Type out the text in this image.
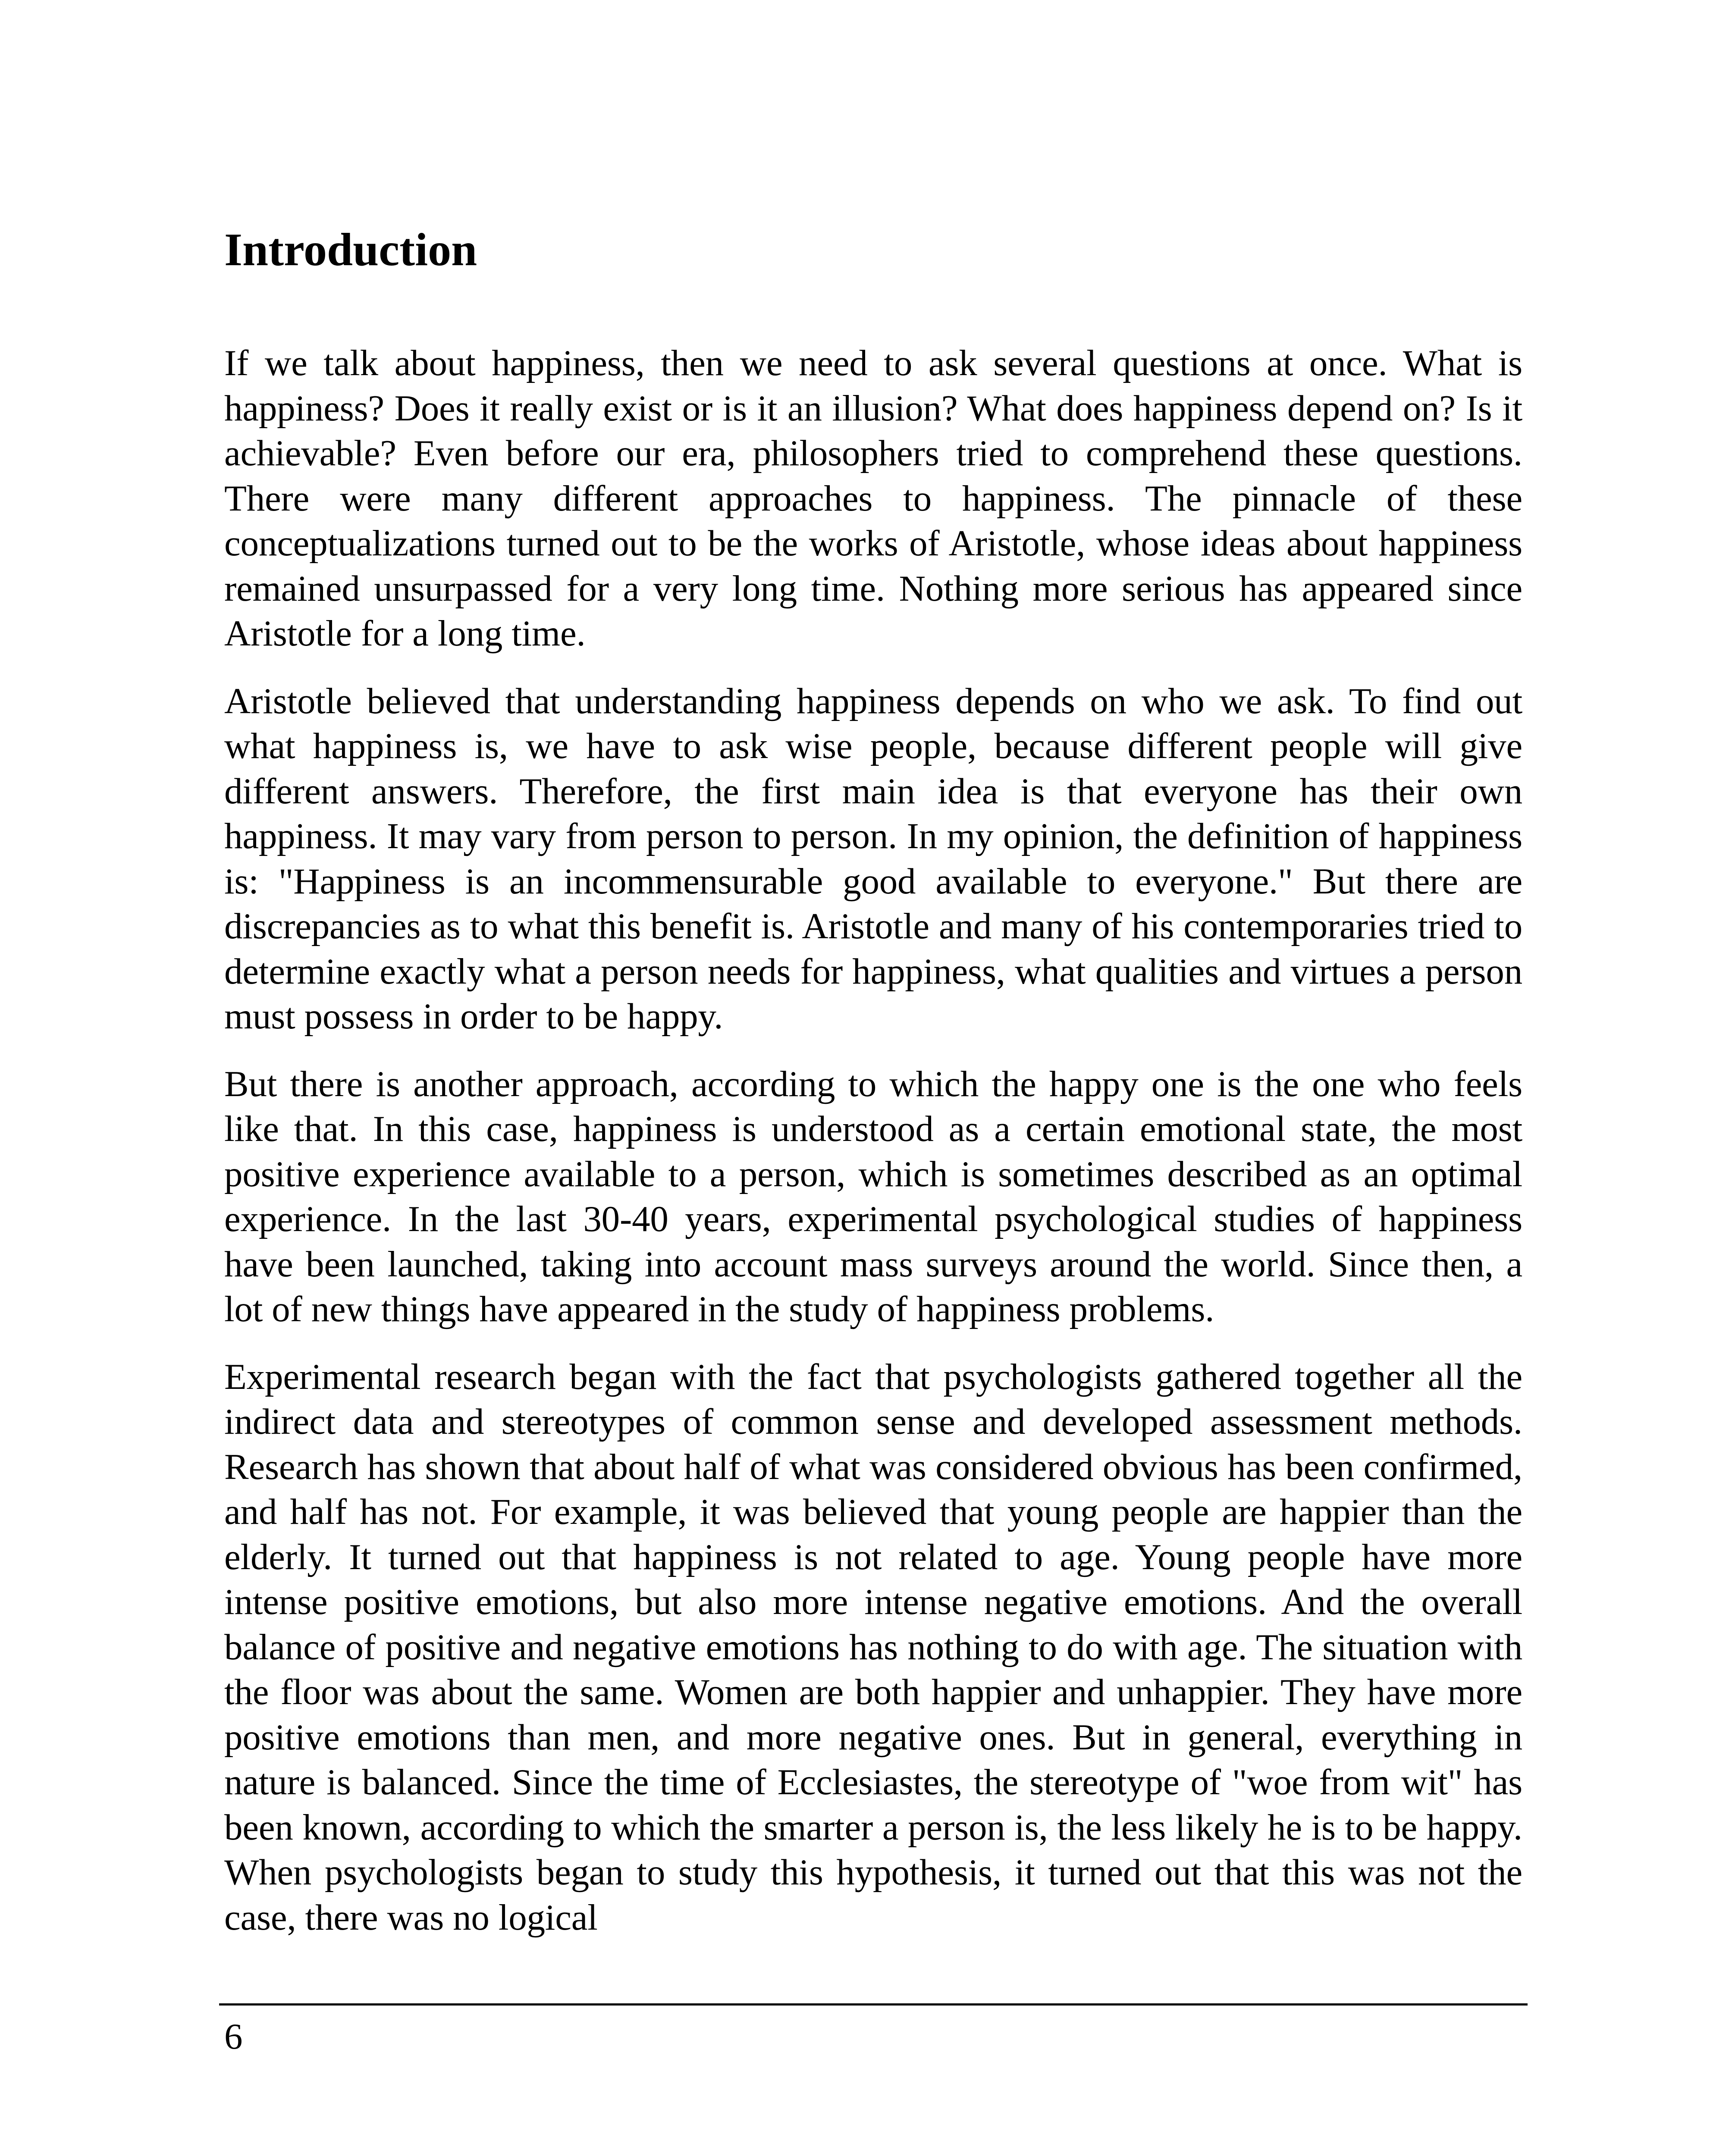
Introduction

If we talk about happiness, then we need to ask several questions at once. What is happiness? Does it really exist or is it an illusion? What does happiness depend on? Is it achievable? Even before our era, philosophers tried to comprehend these questions. There were many different approaches to happiness. The pinnacle of these conceptualizations turned out to be the works of Aristotle, whose ideas about happiness remained unsurpassed for a very long time. Nothing more serious has appeared since Aristotle for a long time.

Aristotle believed that understanding happiness depends on who we ask. To find out what happiness is, we have to ask wise people, because different people will give different answers. Therefore, the first main idea is that everyone has their own happiness. It may vary from person to person. In my opinion, the definition of happiness is: "Happiness is an incommensurable good available to everyone." But there are discrepancies as to what this benefit is. Aristotle and many of his contemporaries tried to determine exactly what a person needs for happiness, what qualities and virtues a person must possess in order to be happy.

But there is another approach, according to which the happy one is the one who feels like that. In this case, happiness is understood as a certain emotional state, the most positive experience available to a person, which is sometimes described as an optimal experience. In the last 30-40 years, experimental psychological studies of happiness have been launched, taking into account mass surveys around the world. Since then, a lot of new things have appeared in the study of happiness problems.

Experimental research began with the fact that psychologists gathered together all the indirect data and stereotypes of common sense and developed assessment methods. Research has shown that about half of what was considered obvious has been confirmed, and half has not. For example, it was believed that young people are happier than the elderly. It turned out that happiness is not related to age. Young people have more intense positive emotions, but also more intense negative emotions. And the overall balance of positive and negative emotions has nothing to do with age. The situation with the floor was about the same. Women are both happier and unhappier. They have more positive emotions than men, and more negative ones. But in general, everything in nature is balanced. Since the time of Ecclesiastes, the stereotype of "woe from wit" has been known, according to which the smarter a person is, the less likely he is to be happy. When psychologists began to study this hypothesis, it turned out that this was not the case, there was no logical

6
